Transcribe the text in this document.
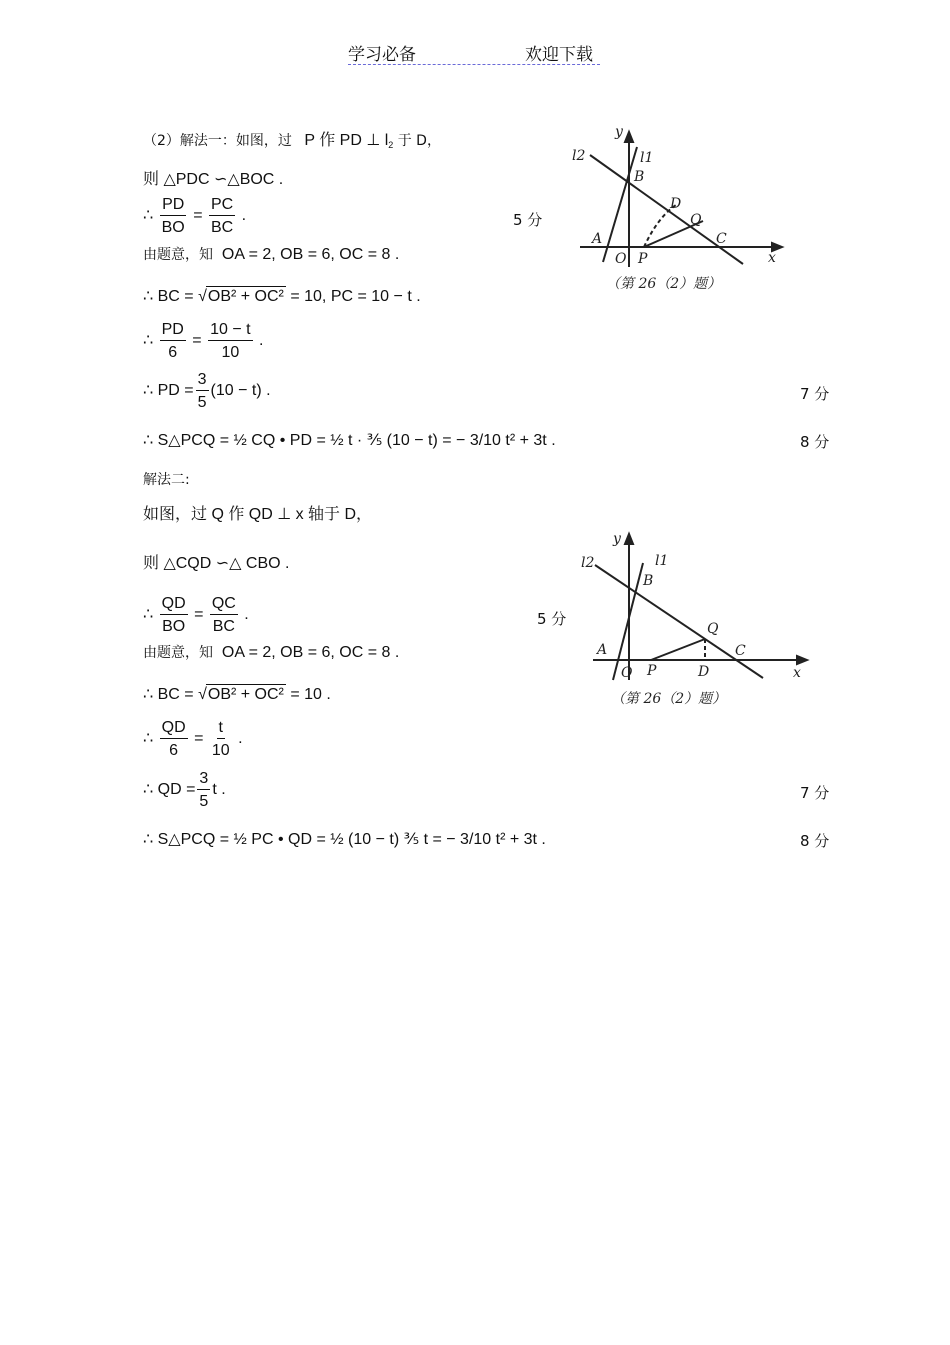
学习必备	欢迎下载
（2）解法一：如图，过 P 作 PD ⊥ $l_2$ 于 D，
则 △PDC ∽△BOC .
∴ $\frac{PD}{BO} = \frac{PC}{BC}$ .	5 分
由题意，知 OA = 2, OB = 6, OC = 8 .
∴ BC = √OB² + OC² = 10, PC = 10 − t .
∴ $\frac{PD}{6} = \frac{10 - t}{10}$ .
∴ PD = $\frac{3}{5} (10 - t)$ .	7 分
∴ S△PCQ = ½ CQ • PD = ½ t · ⅗ (10 − t) = − 3/10 t² + 3t .	8 分
解法二:
如图，过 Q 作 QD ⊥ x 轴于 D，
则 △CQD ∽△ CBO .
∴ $\frac{QD}{BO} = \frac{QC}{BC}$ .	5 分
由题意，知 OA = 2, OB = 6, OC = 8 .
∴ BC = √OB² + OC² = 10 .
∴ $\frac{QD}{6} = \frac{t}{10}$ .
∴ QD = $\frac{3}{5}$ t .	7 分
∴ S△PCQ = ½ PC • QD = ½ (10 − t) ⅗ t = − 3/10 t² + 3t .	8 分
y
x
l1
l2
B
D
Q
C
A
O P
（第 26（2）题）
y
x
l1
l2
B
Q
C
A
O P	D
（第 26（2）题）
